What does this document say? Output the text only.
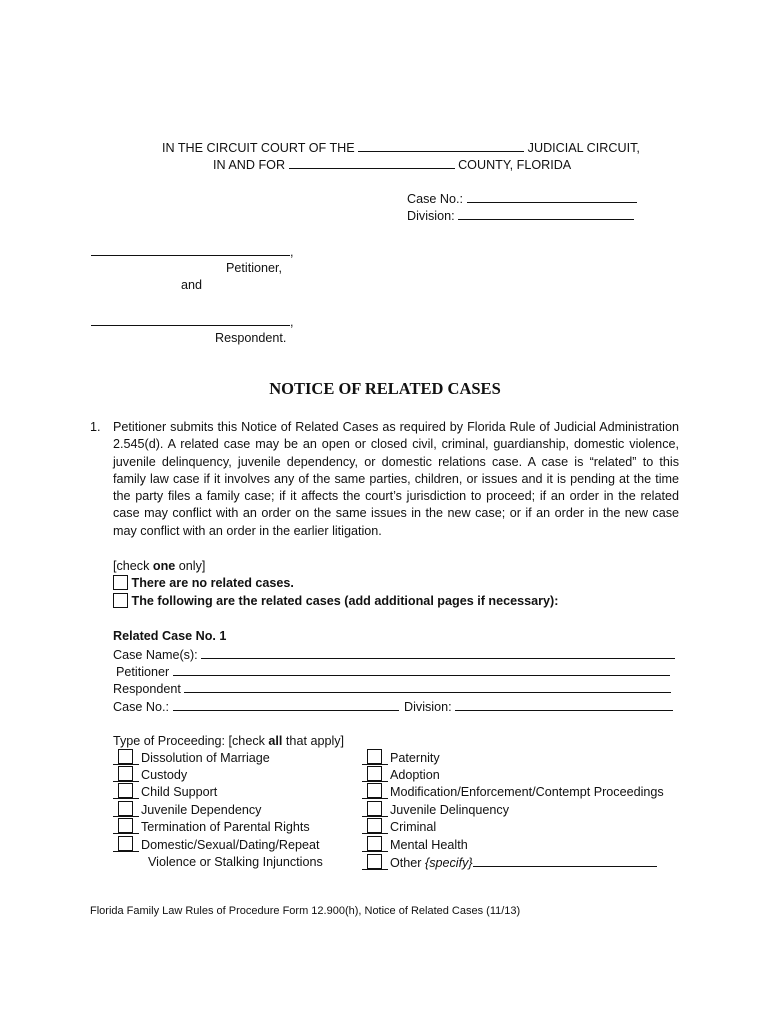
IN THE CIRCUIT COURT OF THE	JUDICIAL CIRCUIT,
IN AND FOR	COUNTY, FLORIDA
Case No.:
Division:
,
Petitioner,
and
,
Respondent.
NOTICE OF RELATED CASES
1. Petitioner submits this Notice of Related Cases as required by Florida Rule of Judicial Administration 2.545(d). A related case may be an open or closed civil, criminal, guardianship, domestic violence, juvenile delinquency, juvenile dependency, or domestic relations case. A case is “related” to this family law case if it involves any of the same parties, children, or issues and it is pending at the time the party files a family case; if it affects the court’s jurisdiction to proceed; if an order in the related case may conflict with an order on the same issues in the new case; or if an order in the new case may conflict with an order in the earlier litigation.
[check one only]
There are no related cases.
The following are the related cases (add additional pages if necessary):
Related Case No. 1
Case Name(s):
Petitioner
Respondent
Case No.:	Division:
Type of Proceeding: [check all that apply]
Dissolution of Marriage
Custody
Child Support
Juvenile Dependency
Termination of Parental Rights
Domestic/Sexual/Dating/Repeat
Violence or Stalking Injunctions
Paternity
Adoption
Modification/Enforcement/Contempt Proceedings
Juvenile Delinquency
Criminal
Mental Health
Other {specify}
Florida Family Law Rules of Procedure Form 12.900(h), Notice of Related Cases (11/13)
